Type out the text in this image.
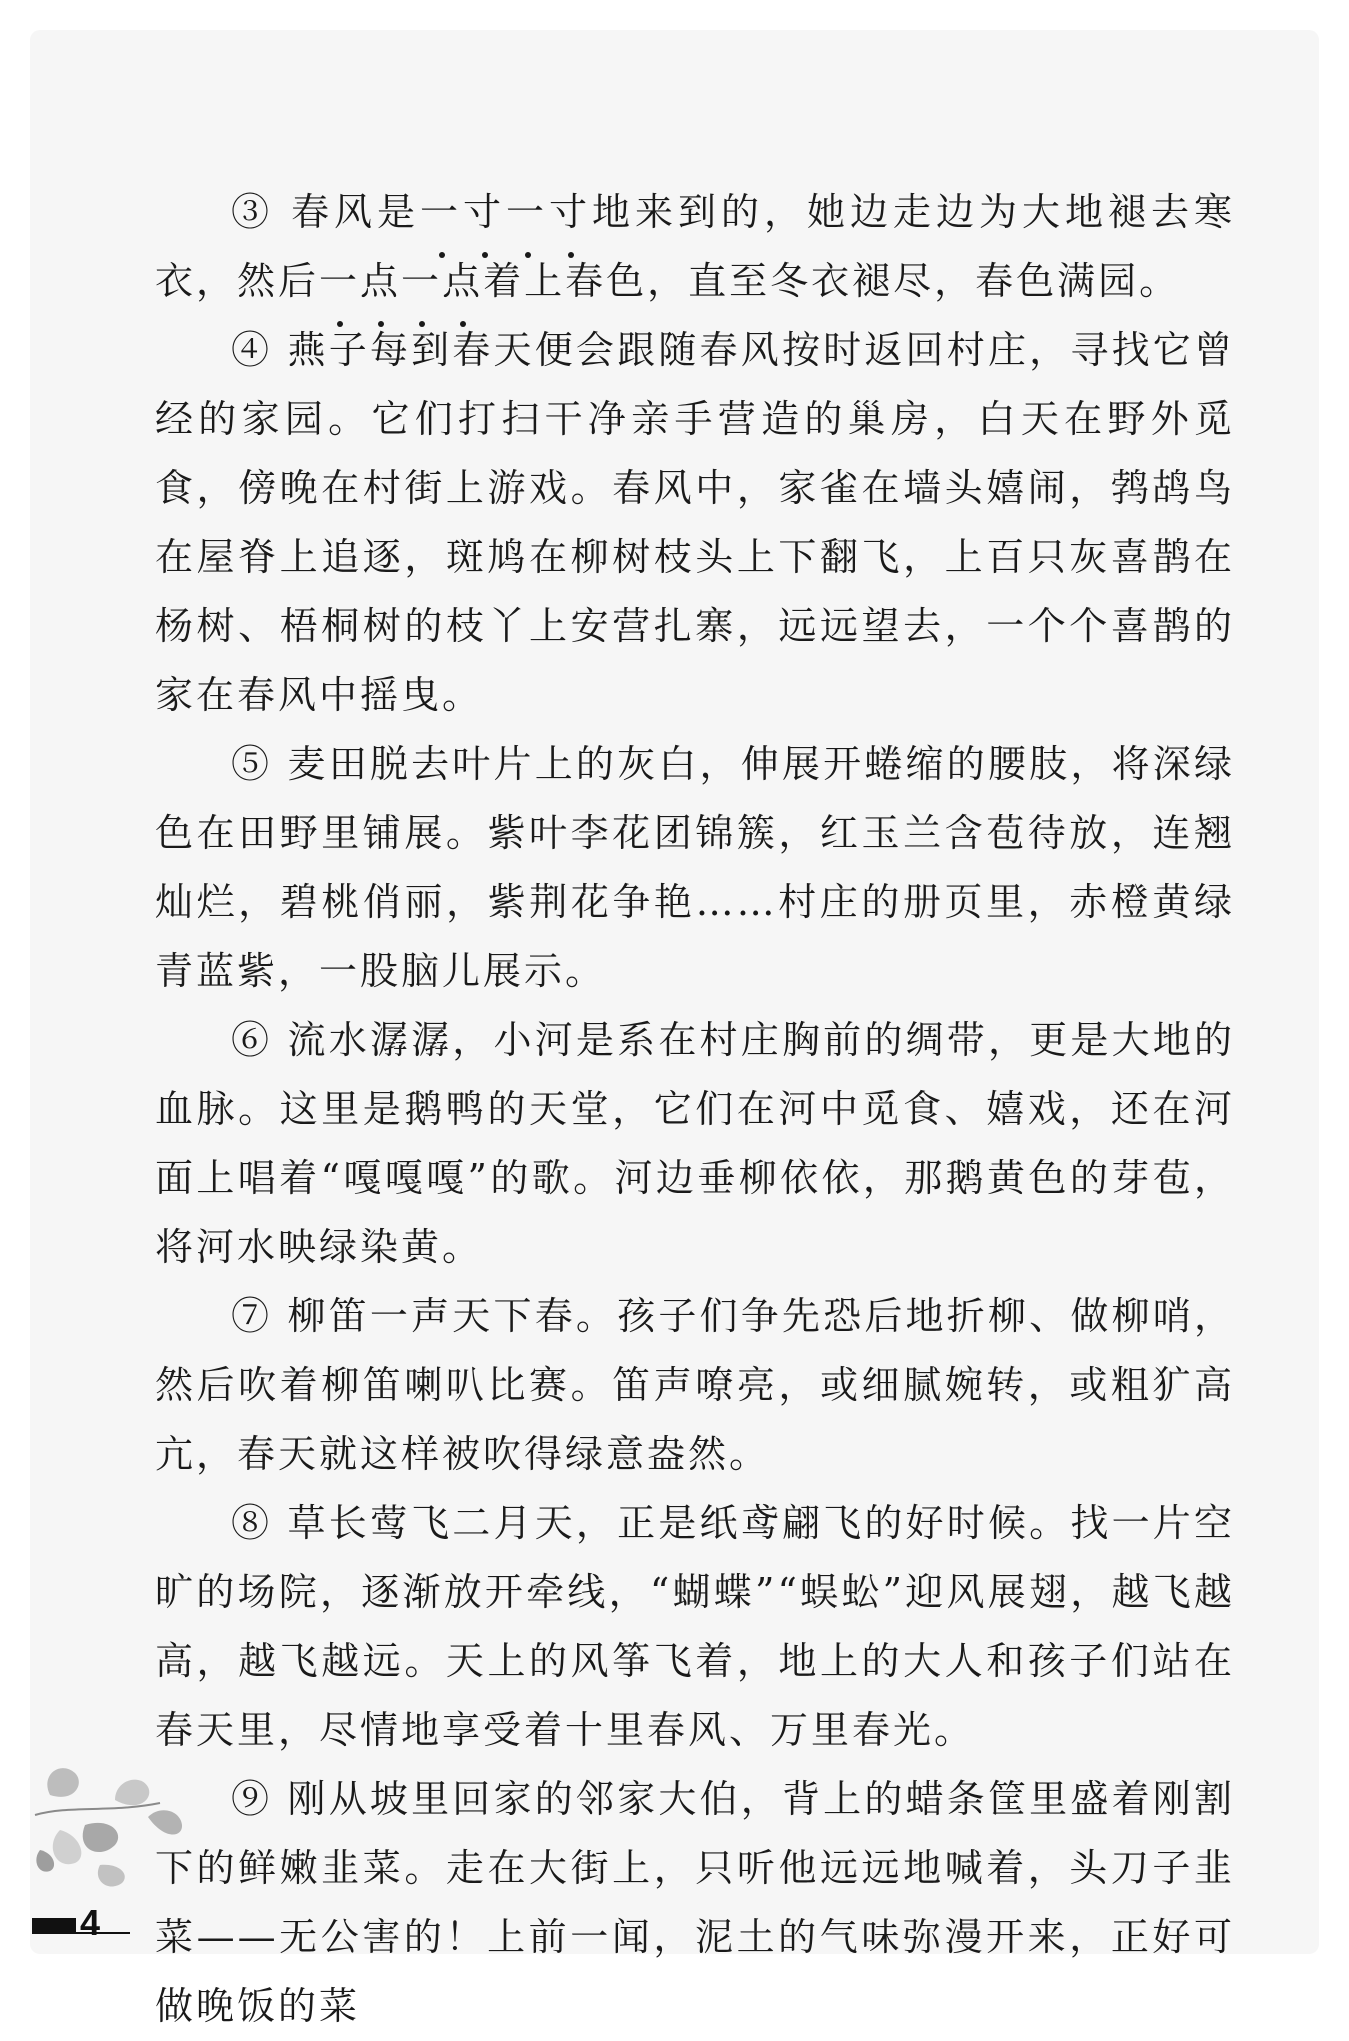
③ 春风是一寸一寸地来到的，她边走边为大地褪去寒衣，然后一点一点着上春色，直至冬衣褪尽，春色满园。

④ 燕子每到春天便会跟随春风按时返回村庄，寻找它曾经的家园。它们打扫干净亲手营造的巢房，白天在野外觅食，傍晚在村街上游戏。春风中，家雀在墙头嬉闹，鹁鸪鸟在屋脊上追逐，斑鸠在柳树枝头上下翻飞，上百只灰喜鹊在杨树、梧桐树的枝丫上安营扎寨，远远望去，一个个喜鹊的家在春风中摇曳。

⑤ 麦田脱去叶片上的灰白，伸展开蜷缩的腰肢，将深绿色在田野里铺展。紫叶李花团锦簇，红玉兰含苞待放，连翘灿烂，碧桃俏丽，紫荆花争艳……村庄的册页里，赤橙黄绿青蓝紫，一股脑儿展示。

⑥ 流水潺潺，小河是系在村庄胸前的绸带，更是大地的血脉。这里是鹅鸭的天堂，它们在河中觅食、嬉戏，还在河面上唱着“嘎嘎嘎”的歌。河边垂柳依依，那鹅黄色的芽苞，将河水映绿染黄。

⑦ 柳笛一声天下春。孩子们争先恐后地折柳、做柳哨，然后吹着柳笛喇叭比赛。笛声嘹亮，或细腻婉转，或粗犷高亢，春天就这样被吹得绿意盎然。

⑧ 草长莺飞二月天，正是纸鸢翩飞的好时候。找一片空旷的场院，逐渐放开牵线，“蝴蝶”“蜈蚣”迎风展翅，越飞越高，越飞越远。天上的风筝飞着，地上的大人和孩子们站在春天里，尽情地享受着十里春风、万里春光。

⑨ 刚从坡里回家的邻家大伯，背上的蜡条筐里盛着刚割下的鲜嫩韭菜。走在大街上，只听他远远地喊着，头刀子韭菜——无公害的！上前一闻，泥土的气味弥漫开来，正好可做晚饭的菜

4
